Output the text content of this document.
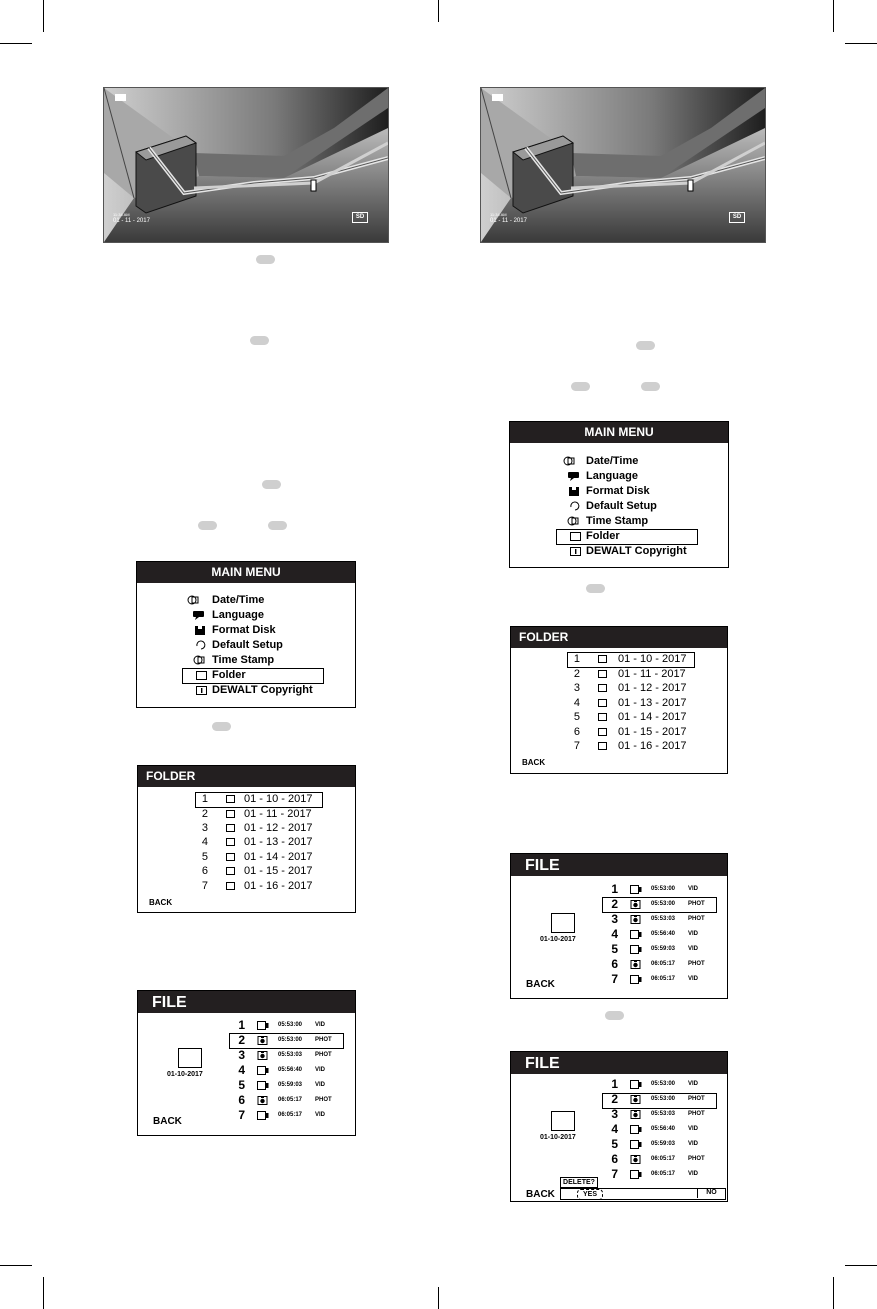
11:34 AM
01 - 11 - 2017
SD	11:34 AM
01 - 11 - 2017
SD
MAIN MENU
Date/Time
Language
Format Disk
Default Setup
Time Stamp
Folder
DEWALT Copyright
MAIN MENU
Date/Time
Language
Format Disk
Default Setup
Time Stamp
Folder
DEWALT Copyright
FOLDER
1	01 - 10 - 2017
2	01 - 11 - 2017
3	01 - 12 - 2017
4	01 - 13 - 2017
5	01 - 14 - 2017
6	01 - 15 - 2017
7	01 - 16 - 2017
BACK
FOLDER
1	01 - 10 - 2017
2	01 - 11 - 2017
3	01 - 12 - 2017
4	01 - 13 - 2017
5	01 - 14 - 2017
6	01 - 15 - 2017
7	01 - 16 - 2017
BACK
FILE
01-10-2017
BACK
1	05:53:00 VID
2	05:53:00 PHOT
3	05:53:03 PHOT
4	05:56:40 VID
5	05:59:03 VID
6	06:05:17 PHOT
7	06:05:17 VID
FILE
01-10-2017
BACK
1	05:53:00 VID
2	05:53:00 PHOT
3	05:53:03 PHOT
4	05:56:40 VID
5	05:59:03 VID
6	06:05:17 PHOT
7	06:05:17 VID
FILE
01-10-2017
1	05:53:00 VID
2	05:53:00 PHOT
3	05:53:03 PHOT
4	05:56:40 VID
5	05:59:03 VID
6	06:05:17 PHOT
7	06:05:17 VID
BACK
DELETE?
YES	NO
